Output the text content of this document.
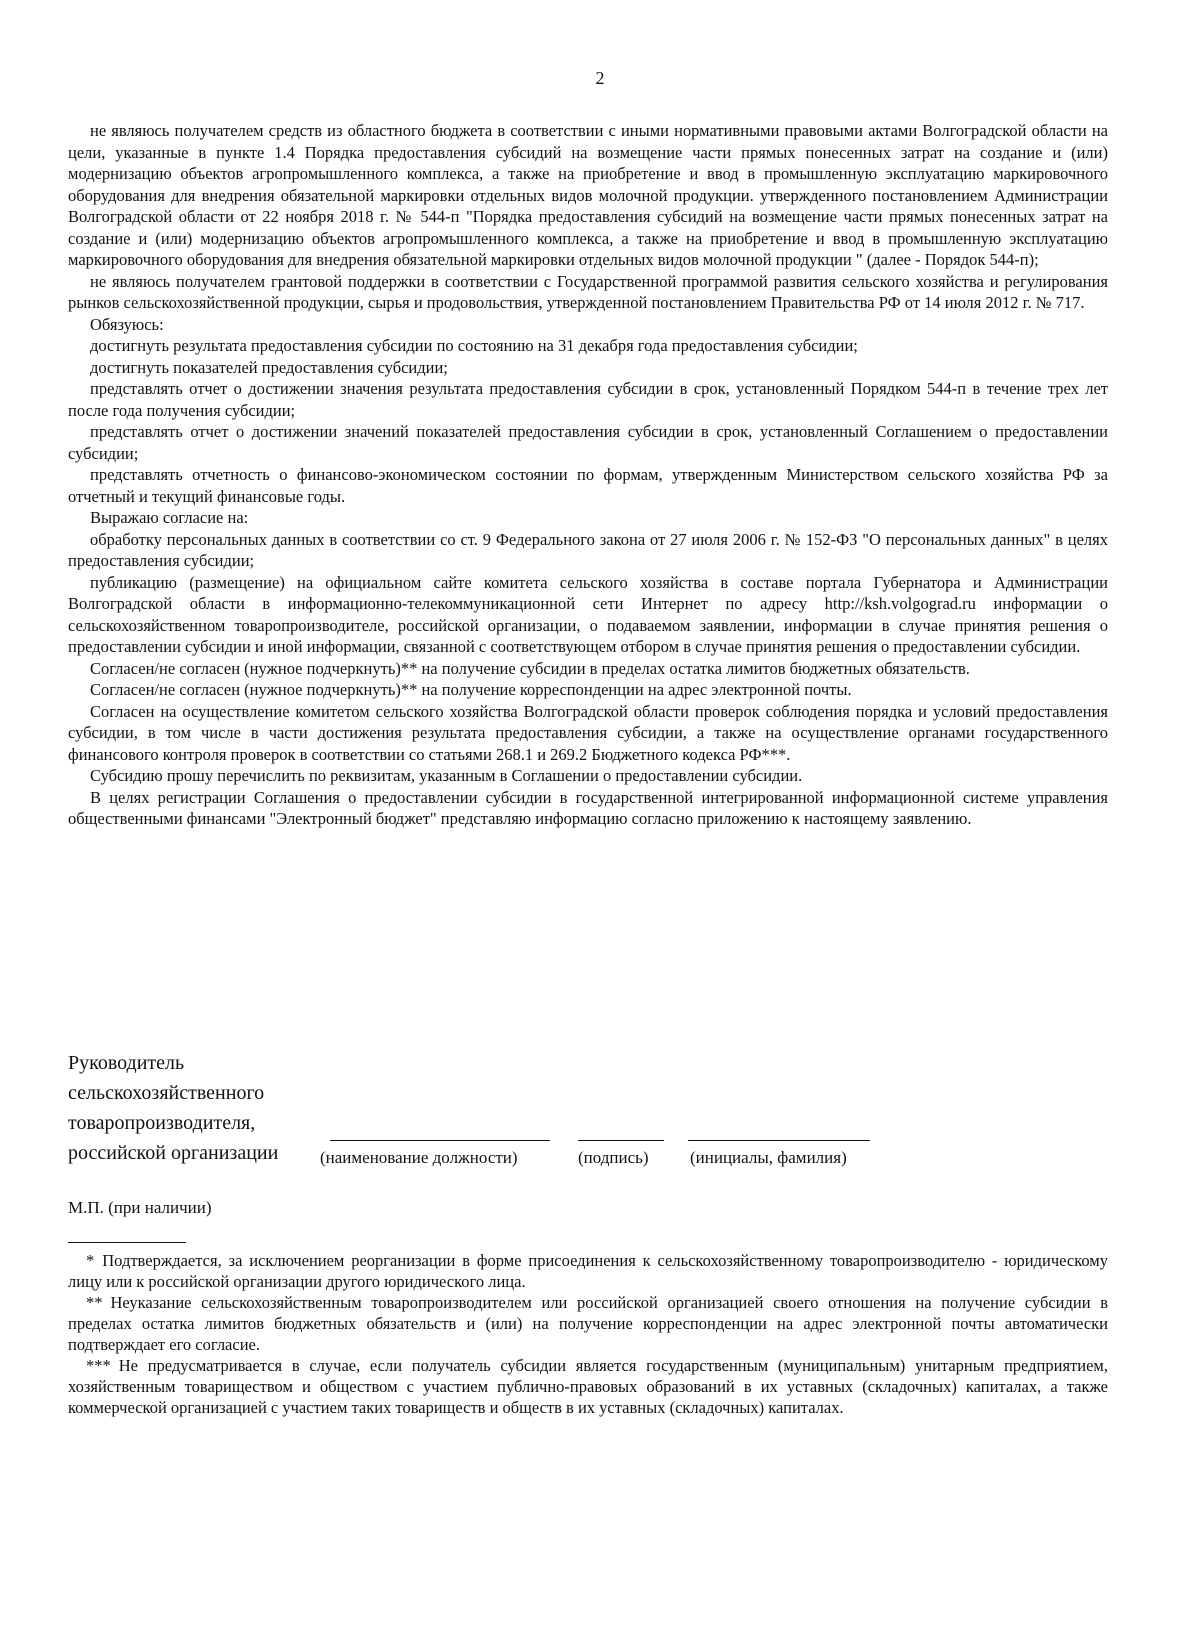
2

не являюсь получателем средств из областного бюджета в соответствии с иными нормативными правовыми актами Волгоградской области на цели, указанные в пункте 1.4 Порядка предоставления субсидий на возмещение части прямых понесенных затрат на создание и (или) модернизацию объектов агропромышленного комплекса, а также на приобретение и ввод в промышленную эксплуатацию маркировочного оборудования для внедрения обязательной маркировки отдельных видов молочной продукции. утвержденного постановлением Администрации Волгоградской области от 22 ноября 2018 г. № 544-п "Порядка предоставления субсидий на возмещение части прямых понесенных затрат на создание и (или) модернизацию объектов агропромышленного комплекса, а также на приобретение и ввод в промышленную эксплуатацию маркировочного оборудования для внедрения обязательной маркировки отдельных видов молочной продукции " (далее - Порядок 544-п);

не являюсь получателем грантовой поддержки в соответствии с Государственной программой развития сельского хозяйства и регулирования рынков сельскохозяйственной продукции, сырья и продовольствия, утвержденной постановлением Правительства РФ от 14 июля 2012 г. № 717.

Обязуюсь:

достигнуть результата предоставления субсидии по состоянию на 31 декабря года предоставления субсидии;

достигнуть показателей предоставления субсидии;

представлять отчет о достижении значения результата предоставления субсидии в срок, установленный Порядком 544-п в течение трех лет после года получения субсидии;

представлять отчет о достижении значений показателей предоставления субсидии в срок, установленный Соглашением о предоставлении субсидии;

представлять отчетность о финансово-экономическом состоянии по формам, утвержденным Министерством сельского хозяйства РФ за отчетный и текущий финансовые годы.

Выражаю согласие на:

обработку персональных данных в соответствии со ст. 9 Федерального закона от 27 июля 2006 г. № 152-ФЗ "О персональных данных" в целях предоставления субсидии;

публикацию (размещение) на официальном сайте комитета сельского хозяйства в составе портала Губернатора и Администрации Волгоградской области в информационно-телекоммуникационной сети Интернет по адресу http://ksh.volgograd.ru информации о сельскохозяйственном товаропроизводителе, российской организации, о подаваемом заявлении, информации в случае принятия решения о предоставлении субсидии и иной информации, связанной с соответствующем отбором в случае принятия решения о предоставлении субсидии.

Согласен/не согласен (нужное подчеркнуть)** на получение субсидии в пределах остатка лимитов бюджетных обязательств.

Согласен/не согласен (нужное подчеркнуть)** на получение корреспонденции на адрес электронной почты.

Согласен на осуществление комитетом сельского хозяйства Волгоградской области проверок соблюдения порядка и условий предоставления субсидии, в том числе в части достижения результата предоставления субсидии, а также на осуществление органами государственного финансового контроля проверок в соответствии со статьями 268.1 и 269.2 Бюджетного кодекса РФ***.

Субсидию прошу перечислить по реквизитам, указанным в Соглашении о предоставлении субсидии.

В целях регистрации Соглашения о предоставлении субсидии в государственной интегрированной информационной системе управления общественными финансами "Электронный бюджет" представляю информацию согласно приложению к настоящему заявлению.

Руководитель
сельскохозяйственного
товаропроизводителя,
российской организации	(наименование должности)	(подпись) (инициалы, фамилия)
М.П. (при наличии)

* Подтверждается, за исключением реорганизации в форме присоединения к сельскохозяйственному товаропроизводителю - юридическому лицу или к российской организации другого юридического лица.

** Неуказание сельскохозяйственным товаропроизводителем или российской организацией своего отношения на получение субсидии в пределах остатка лимитов бюджетных обязательств и (или) на получение корреспонденции на адрес электронной почты автоматически подтверждает его согласие.

*** Не предусматривается в случае, если получатель субсидии является государственным (муниципальным) унитарным предприятием, хозяйственным товариществом и обществом с участием публично-правовых образований в их уставных (складочных) капиталах, а также коммерческой организацией с участием таких товариществ и обществ в их уставных (складочных) капиталах.
